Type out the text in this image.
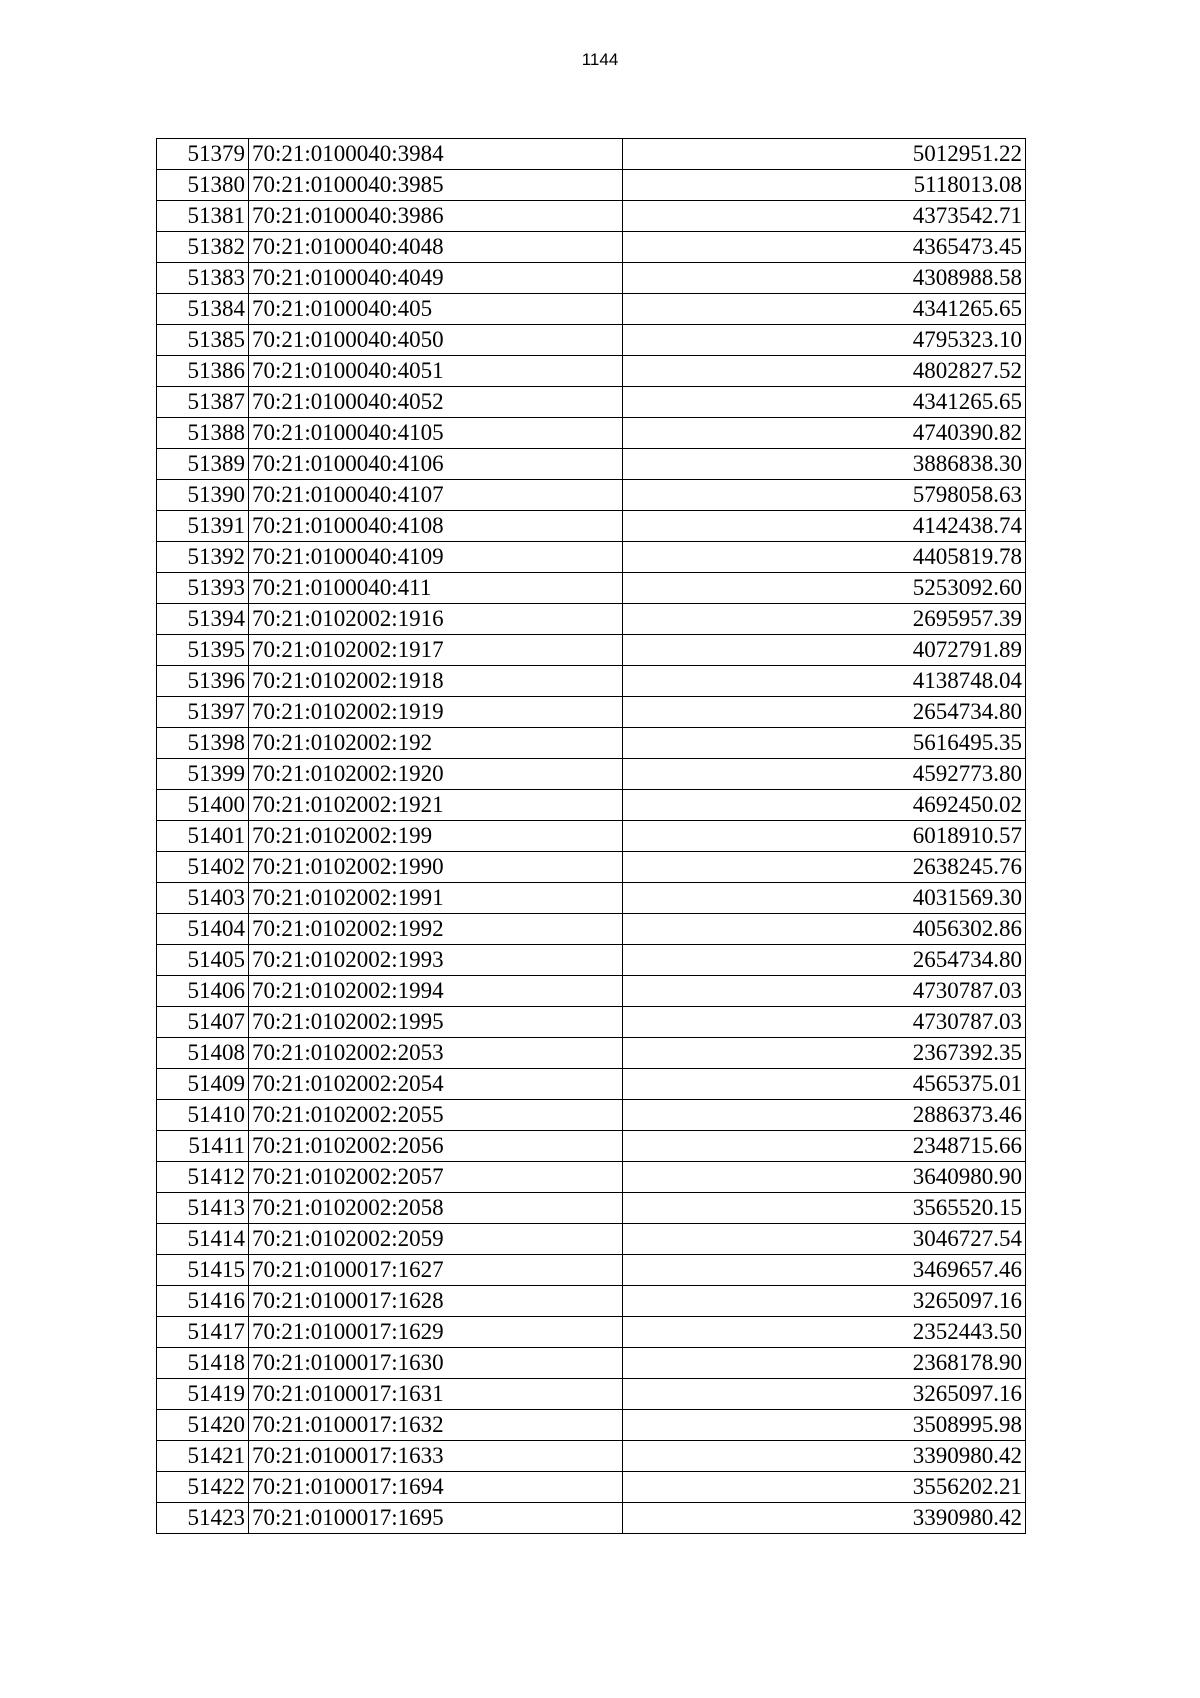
1144
51379	70:21:0100040:3984	5012951.22
51380	70:21:0100040:3985	5118013.08
51381	70:21:0100040:3986	4373542.71
51382	70:21:0100040:4048	4365473.45
51383	70:21:0100040:4049	4308988.58
51384	70:21:0100040:405	4341265.65
51385	70:21:0100040:4050	4795323.10
51386	70:21:0100040:4051	4802827.52
51387	70:21:0100040:4052	4341265.65
51388	70:21:0100040:4105	4740390.82
51389	70:21:0100040:4106	3886838.30
51390	70:21:0100040:4107	5798058.63
51391	70:21:0100040:4108	4142438.74
51392	70:21:0100040:4109	4405819.78
51393	70:21:0100040:411	5253092.60
51394	70:21:0102002:1916	2695957.39
51395	70:21:0102002:1917	4072791.89
51396	70:21:0102002:1918	4138748.04
51397	70:21:0102002:1919	2654734.80
51398	70:21:0102002:192	5616495.35
51399	70:21:0102002:1920	4592773.80
51400	70:21:0102002:1921	4692450.02
51401	70:21:0102002:199	6018910.57
51402	70:21:0102002:1990	2638245.76
51403	70:21:0102002:1991	4031569.30
51404	70:21:0102002:1992	4056302.86
51405	70:21:0102002:1993	2654734.80
51406	70:21:0102002:1994	4730787.03
51407	70:21:0102002:1995	4730787.03
51408	70:21:0102002:2053	2367392.35
51409	70:21:0102002:2054	4565375.01
51410	70:21:0102002:2055	2886373.46
51411	70:21:0102002:2056	2348715.66
51412	70:21:0102002:2057	3640980.90
51413	70:21:0102002:2058	3565520.15
51414	70:21:0102002:2059	3046727.54
51415	70:21:0100017:1627	3469657.46
51416	70:21:0100017:1628	3265097.16
51417	70:21:0100017:1629	2352443.50
51418	70:21:0100017:1630	2368178.90
51419	70:21:0100017:1631	3265097.16
51420	70:21:0100017:1632	3508995.98
51421	70:21:0100017:1633	3390980.42
51422	70:21:0100017:1694	3556202.21
51423	70:21:0100017:1695	3390980.42
